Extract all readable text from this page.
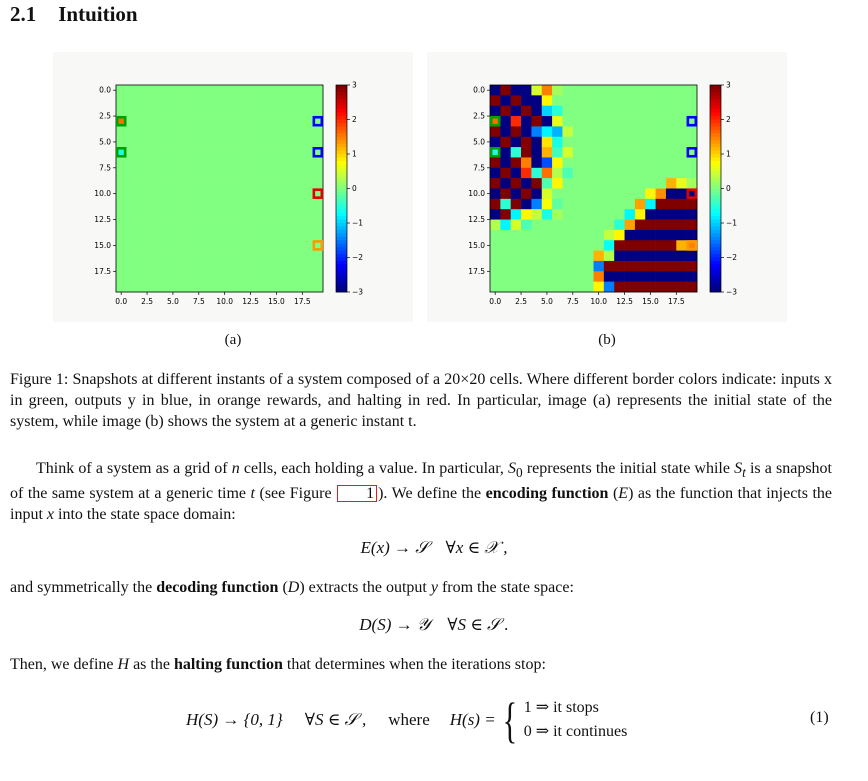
2.1 Intuition
0.0 2.5 5.0 7.5 10.0 12.5 15.0 17.5
0.0
2.5
5.0
7.5
10.0
12.5
15.0
17.5
3
2
1
0
−1
−2
−3
0.0 2.5 5.0 7.5 10.0 12.5 15.0 17.5
0.0
2.5
5.0
7.5
10.0
12.5
15.0
17.5
3
2
1
0
−1
−2
−3
(a)	(b)
Figure 1: Snapshots at different instants of a system composed of a 20×20 cells. Where different border colors indicate: inputs x in green, outputs y in blue, in orange rewards, and halting in red. In particular, image (a) represents the initial state of the system, while image (b) shows the system at a generic instant t.
Think of a system as a grid of n cells, each holding a value. In particular, $S_0$ represents the initial state while $S_t$ is a snapshot of the same system at a generic time t (see Figure 1 ). We define the encoding function (E) as the function that injects the input x into the state space domain:
E(x) → 𝒮 ∀x ∈ 𝒳 ,
and symmetrically the decoding function (D) extracts the output y from the state space:
D(S) → 𝒴 ∀S ∈ 𝒮 .
Then, we define H as the halting function that determines when the iterations stop:
H(S) → {0, 1} ∀S ∈ 𝒮 , where H(s) = { 1 ⇒ it stops
0 ⇒ it continues
(1)
